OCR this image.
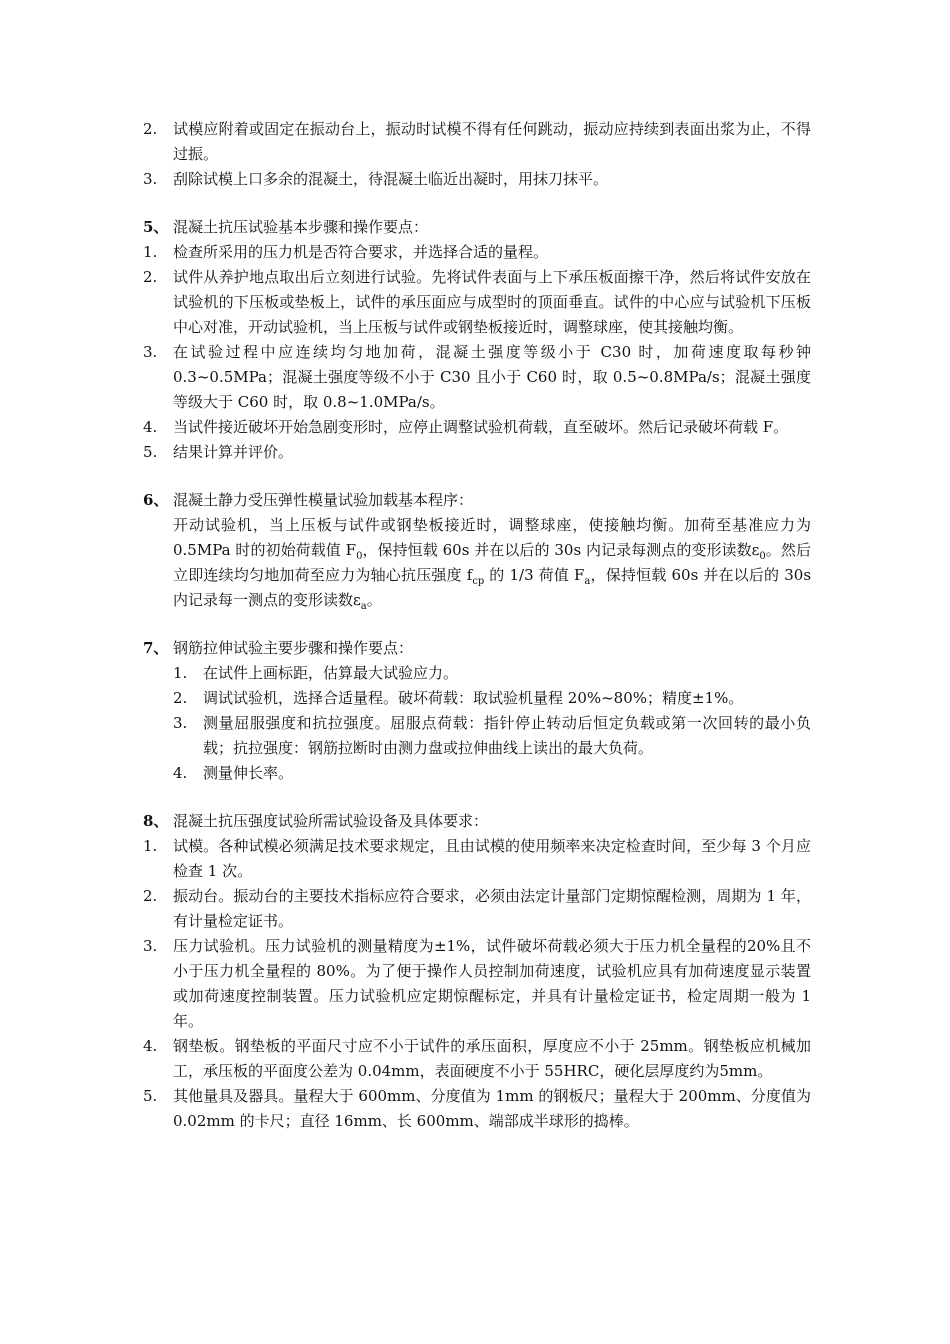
2. 试模应附着或固定在振动台上，振动时试模不得有任何跳动，振动应持续到表面出浆为止，不得过振。
3. 刮除试模上口多余的混凝土，待混凝土临近出凝时，用抹刀抹平。
5、 混凝土抗压试验基本步骤和操作要点：
1. 检查所采用的压力机是否符合要求，并选择合适的量程。
2. 试件从养护地点取出后立刻进行试验。先将试件表面与上下承压板面擦干净，然后将试件安放在试验机的下压板或垫板上，试件的承压面应与成型时的顶面垂直。试件的中心应与试验机下压板中心对准，开动试验机，当上压板与试件或钢垫板接近时，调整球座，使其接触均衡。
3. 在试验过程中应连续均匀地加荷，混凝土强度等级小于 C30 时，加荷速度取每秒钟0.3~0.5MPa；混凝土强度等级不小于 C30 且小于 C60 时，取 0.5~0.8MPa/s；混凝土强度等级大于 C60 时，取 0.8~1.0MPa/s。
4. 当试件接近破坏开始急剧变形时，应停止调整试验机荷载，直至破坏。然后记录破坏荷载 F。
5. 结果计算并评价。
6、 混凝土静力受压弹性模量试验加载基本程序：
开动试验机，当上压板与试件或钢垫板接近时，调整球座，使接触均衡。加荷至基准应力为 0.5MPa 时的初始荷载值 $F_0$，保持恒载 60s 并在以后的 30s 内记录每测点的变形读数$\varepsilon_0$。然后立即连续均匀地加荷至应力为轴心抗压强度 $f_{cp}$ 的 1/3 荷值 $F_a$，保持恒载 60s 并在以后的 30s 内记录每一测点的变形读数$\varepsilon_a$。
7、 钢筋拉伸试验主要步骤和操作要点：
1. 在试件上画标距，估算最大试验应力。
2. 调试试验机，选择合适量程。破坏荷载：取试验机量程 20%~80%；精度±1%。
3. 测量屈服强度和抗拉强度。屈服点荷载：指针停止转动后恒定负载或第一次回转的最小负载；抗拉强度：钢筋拉断时由测力盘或拉伸曲线上读出的最大负荷。
4. 测量伸长率。
8、 混凝土抗压强度试验所需试验设备及具体要求：
1. 试模。各种试模必须满足技术要求规定，且由试模的使用频率来决定检查时间，至少每 3 个月应检查 1 次。
2. 振动台。振动台的主要技术指标应符合要求，必须由法定计量部门定期惊醒检测，周期为 1 年，有计量检定证书。
3. 压力试验机。压力试验机的测量精度为±1%，试件破坏荷载必须大于压力机全量程的20%且不小于压力机全量程的 80%。为了便于操作人员控制加荷速度，试验机应具有加荷速度显示装置或加荷速度控制装置。压力试验机应定期惊醒标定，并具有计量检定证书，检定周期一般为 1 年。
4. 钢垫板。钢垫板的平面尺寸应不小于试件的承压面积，厚度应不小于 25mm。钢垫板应机械加工，承压板的平面度公差为 0.04mm，表面硬度不小于 55HRC，硬化层厚度约为5mm。
5. 其他量具及器具。量程大于 600mm、分度值为 1mm 的钢板尺；量程大于 200mm、分度值为 0.02mm 的卡尺；直径 16mm、长 600mm、端部成半球形的捣棒。
